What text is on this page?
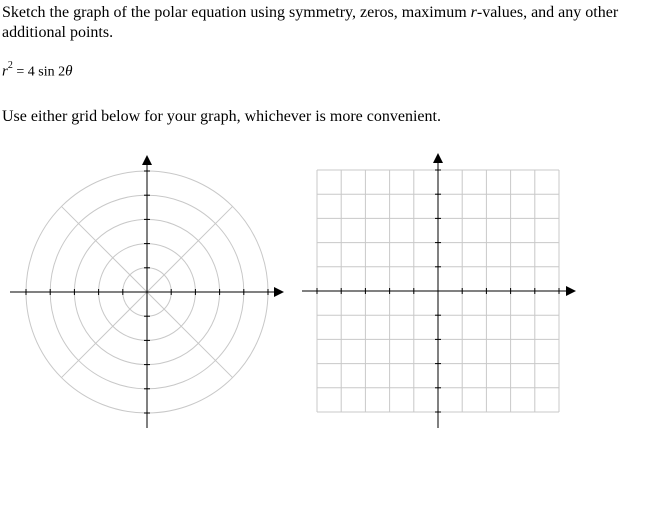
Sketch the graph of the polar equation using symmetry, zeros, maximum r-values, and any other additional points.

$r^2 = 4$ sin 2θ

Use either grid below for your graph, whichever is more convenient.
